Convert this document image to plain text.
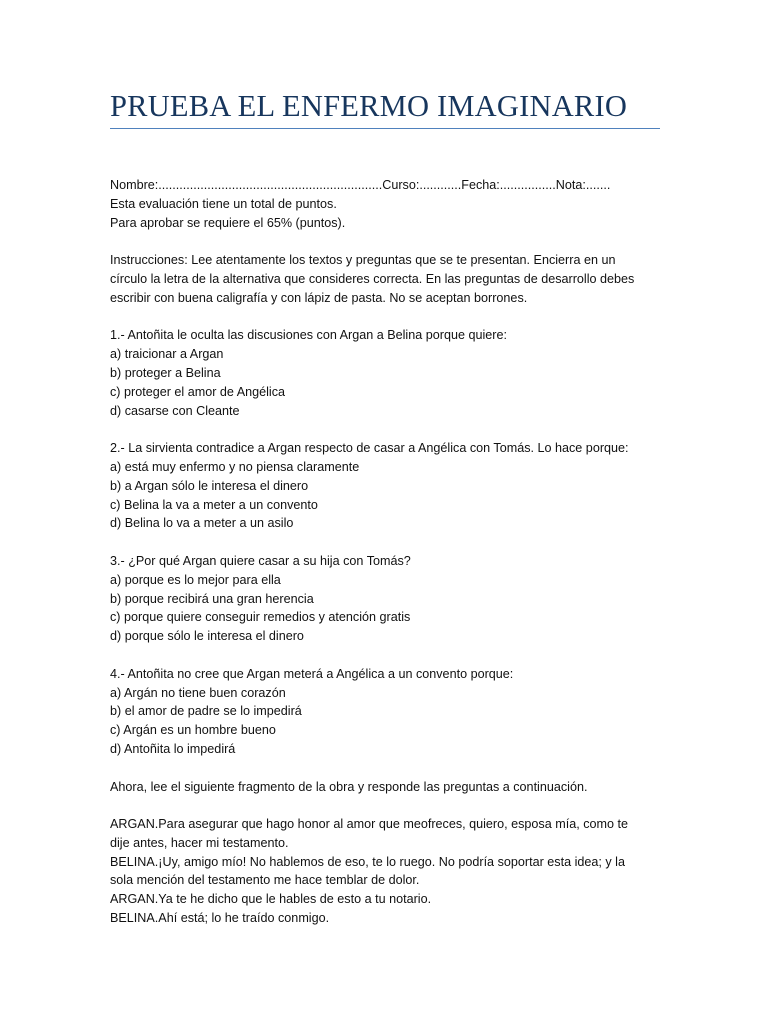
PRUEBA EL ENFERMO IMAGINARIO
Nombre:................................................................Curso:............Fecha:................Nota:.......
Esta evaluación tiene un total de puntos.
Para aprobar se requiere el 65% (puntos).
Instrucciones: Lee atentamente los textos y preguntas que se te presentan. Encierra en un círculo la letra de la alternativa que consideres correcta. En las preguntas de desarrollo debes escribir con buena caligrafía y con lápiz de pasta. No se aceptan borrones.
1.- Antoñita le oculta las discusiones con Argan a Belina porque quiere:
a) traicionar a Argan
b) proteger a Belina
c) proteger el amor de Angélica
d) casarse con Cleante
2.- La sirvienta contradice a Argan respecto de casar a Angélica con Tomás. Lo hace porque:
a) está muy enfermo y no piensa claramente
b) a Argan sólo le interesa el dinero
c) Belina la va a meter a un convento
d) Belina lo va a meter a un asilo
3.- ¿Por qué Argan quiere casar a su hija con Tomás?
a) porque es lo mejor para ella
b) porque recibirá una gran herencia
c) porque quiere conseguir remedios y atención gratis
d) porque sólo le interesa el dinero
4.- Antoñita no cree que Argan meterá a Angélica a un convento porque:
a) Argán no tiene buen corazón
b) el amor de padre se lo impedirá
c) Argán es un hombre bueno
d) Antoñita lo impedirá
Ahora, lee el siguiente fragmento de la obra y responde las preguntas a continuación.
ARGAN.Para asegurar que hago honor al amor que meofreces, quiero, esposa mía, como te
dije antes, hacer mi testamento.
BELINA.¡Uy, amigo mío! No hablemos de eso, te lo ruego. No podría soportar esta idea; y la
sola mención del testamento me hace temblar de dolor.
ARGAN.Ya te he dicho que le hables de esto a tu notario.
BELINA.Ahí está; lo he traído conmigo.
